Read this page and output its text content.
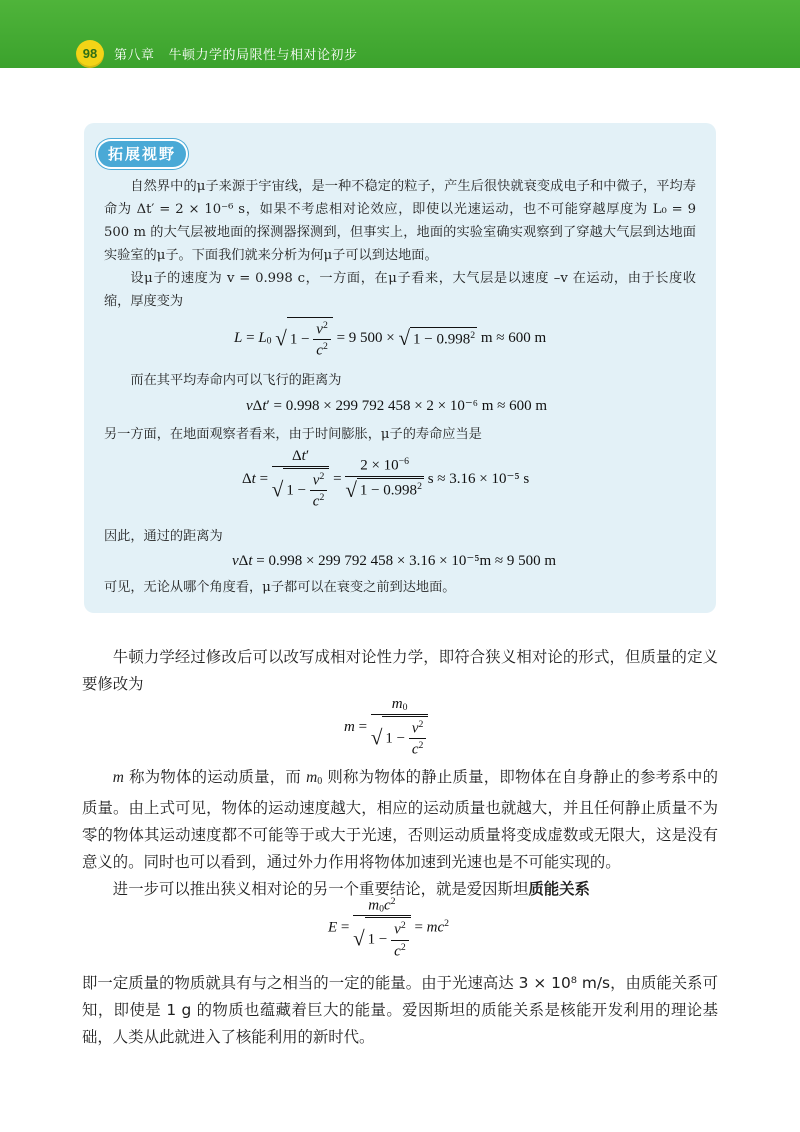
98	第八章 牛顿力学的局限性与相对论初步
拓展视野

自然界中的μ子来源于宇宙线，是一种不稳定的粒子，产生后很快就衰变成电子和中微子，平均寿命为 Δt′ = 2 × 10⁻⁶ s，如果不考虑相对论效应，即使以光速运动，也不可能穿越厚度为 L₀ = 9 500 m 的大气层被地面的探测器探测到，但事实上，地面的实验室确实观察到了穿越大气层到达地面实验室的μ子。下面我们就来分析为何μ子可以到达地面。

设μ子的速度为 v = 0.998 c，一方面，在μ子看来，大气层是以速度 –v 在运动，由于长度收缩，厚度变为

$L = L_0$ √ $1 - \frac{v^2}{c^2} = 9$ 500 × √ $1 - 0.998^2$ m ≈ 600 m

而在其平均寿命内可以飞行的距离为

vΔt′ = 0.998 × 299 792 458 × 2 × 10⁻⁶ m ≈ 600 m

另一方面，在地面观察者看来，由于时间膨胀，μ子的寿命应当是

$\Delta t = \frac{\Delta t'}{√ 1 - \frac{v^2}{c^2}} = \frac{2 \times 10^{-6}}{√ 1 - 0.998^2}$ s ≈ 3.16 × 10⁻⁵ s

因此，通过的距离为

vΔt = 0.998 × 299 792 458 × 3.16 × 10⁻⁵m ≈ 9 500 m

可见，无论从哪个角度看，μ子都可以在衰变之前到达地面。

牛顿力学经过修改后可以改写成相对论性力学，即符合狭义相对论的形式，但质量的定义要修改为

$m = \frac{m_0}{√ 1 - \frac{v^2}{c^2}}$

m 称为物体的运动质量，而 $m_0$ 则称为物体的静止质量，即物体在自身静止的参考系中的质量。由上式可见，物体的运动速度越大，相应的运动质量也就越大，并且任何静止质量不为零的物体其运动速度都不可能等于或大于光速，否则运动质量将变成虚数或无限大，这是没有意义的。同时也可以看到，通过外力作用将物体加速到光速也是不可能实现的。

进一步可以推出狭义相对论的另一个重要结论，就是爱因斯坦质能关系

$E = \frac{m_0c^2}{√ 1 - \frac{v^2}{c^2}} = mc^2$

即一定质量的物质就具有与之相当的一定的能量。由于光速高达 3 × 10⁸ m/s，由质能关系可知，即使是 1 g 的物质也蕴藏着巨大的能量。爱因斯坦的质能关系是核能开发利用的理论基础，人类从此就进入了核能利用的新时代。
